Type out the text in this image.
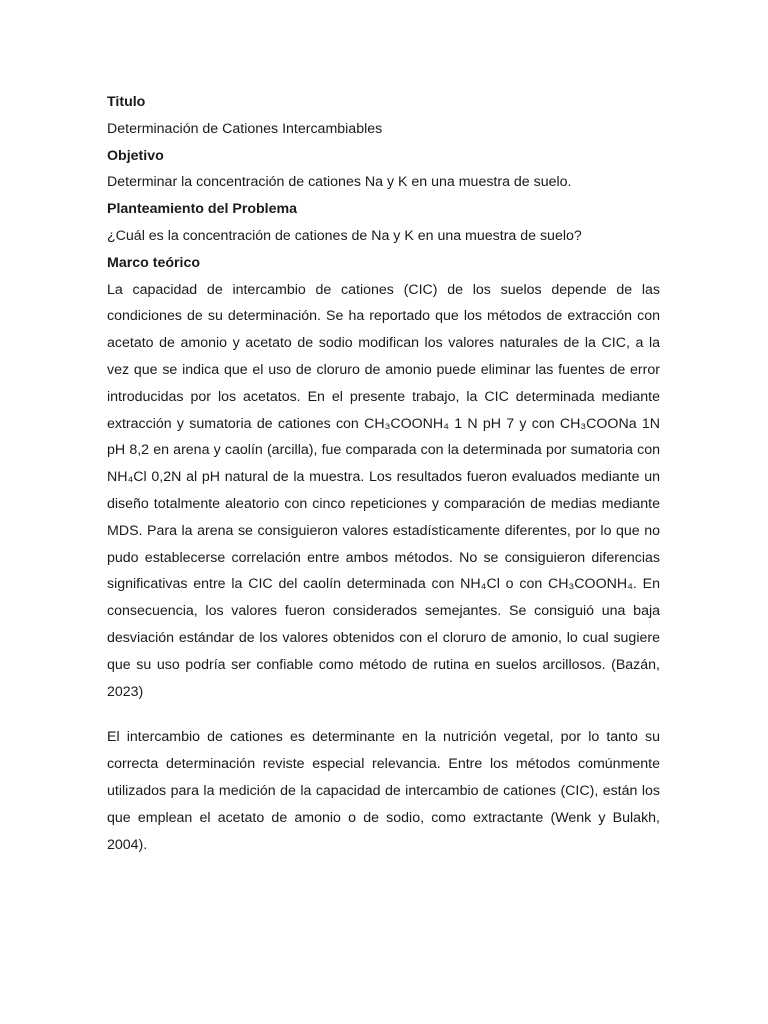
Titulo

Determinación de Cationes Intercambiables

Objetivo

Determinar la concentración de cationes Na y K en una muestra de suelo.

Planteamiento del Problema

¿Cuál es la concentración de cationes de Na y K en una muestra de suelo?

Marco teórico

La capacidad de intercambio de cationes (CIC) de los suelos depende de las condiciones de su determinación. Se ha reportado que los métodos de extracción con acetato de amonio y acetato de sodio modifican los valores naturales de la CIC, a la vez que se indica que el uso de cloruro de amonio puede eliminar las fuentes de error introducidas por los acetatos. En el presente trabajo, la CIC determinada mediante extracción y sumatoria de cationes con CH₃COONH₄ 1 N pH 7 y con CH₃COONa 1N pH 8,2 en arena y caolín (arcilla), fue comparada con la determinada por sumatoria con NH₄Cl 0,2N al pH natural de la muestra. Los resultados fueron evaluados mediante un diseño totalmente aleatorio con cinco repeticiones y comparación de medias mediante MDS. Para la arena se consiguieron valores estadísticamente diferentes, por lo que no pudo establecerse correlación entre ambos métodos. No se consiguieron diferencias significativas entre la CIC del caolín determinada con NH₄Cl o con CH₃COONH₄. En consecuencia, los valores fueron considerados semejantes. Se consiguió una baja desviación estándar de los valores obtenidos con el cloruro de amonio, lo cual sugiere que su uso podría ser confiable como método de rutina en suelos arcillosos. (Bazán, 2023)

El intercambio de cationes es determinante en la nutrición vegetal, por lo tanto su correcta determinación reviste especial relevancia. Entre los métodos comúnmente utilizados para la medición de la capacidad de intercambio de cationes (CIC), están los que emplean el acetato de amonio o de sodio, como extractante (Wenk y Bulakh, 2004).
